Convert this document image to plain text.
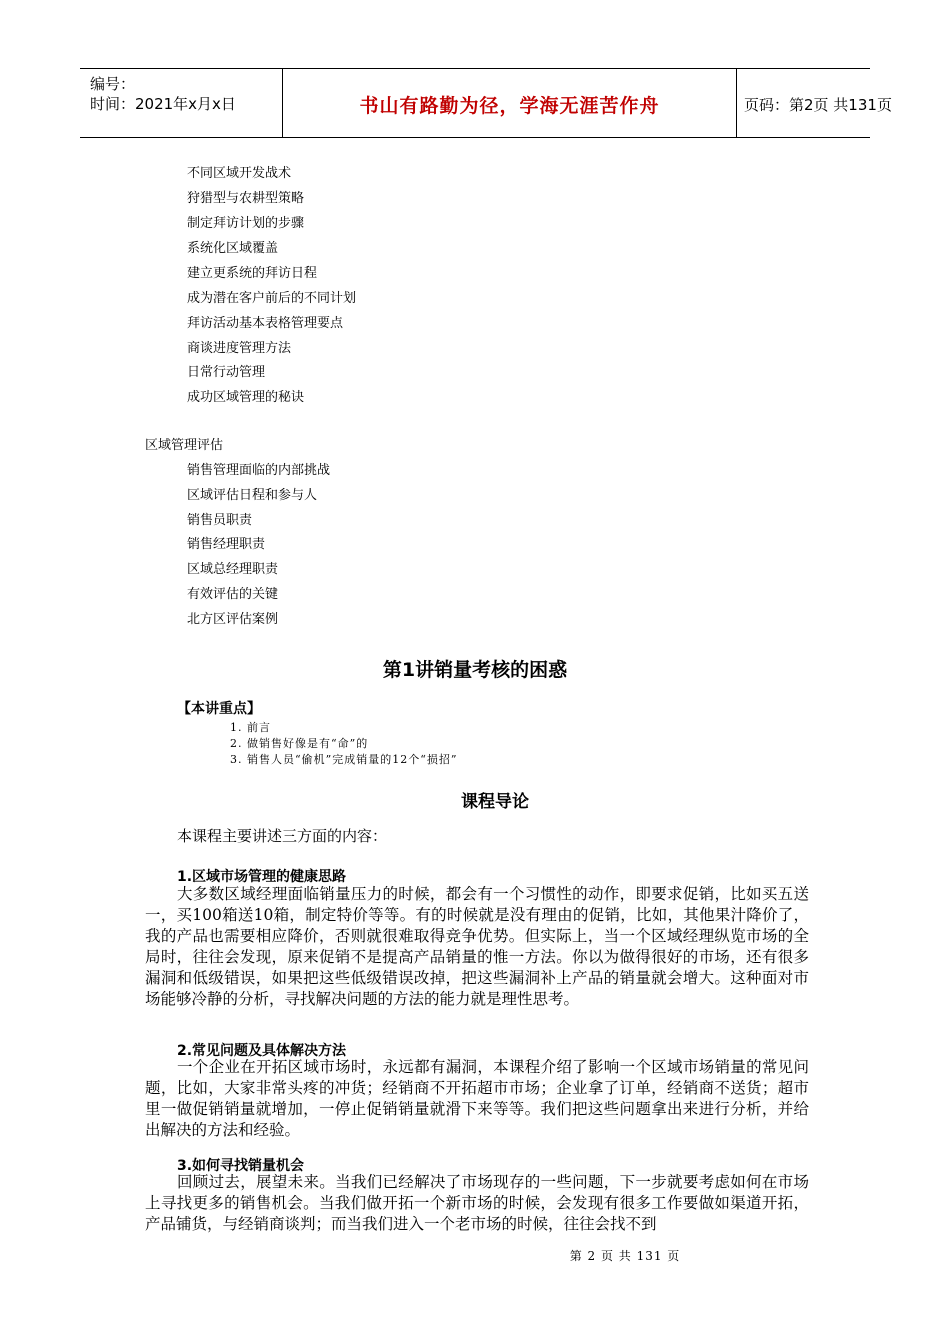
编号：
时间：2021年x月x日	书山有路勤为径，学海无涯苦作舟	页码：第2页 共131页
不同区域开发战术
狩猎型与农耕型策略
制定拜访计划的步骤
系统化区域覆盖
建立更系统的拜访日程
成为潜在客户前后的不同计划
拜访活动基本表格管理要点
商谈进度管理方法
日常行动管理
成功区域管理的秘诀
区域管理评估
销售管理面临的内部挑战
区域评估日程和参与人
销售员职责
销售经理职责
区域总经理职责
有效评估的关键
北方区评估案例
第1讲销量考核的困惑
【本讲重点】
1. 前言
2. 做销售好像是有“命”的
3. 销售人员“偷机”完成销量的12个“损招”
课程导论
本课程主要讲述三方面的内容：
1.区域市场管理的健康思路

大多数区域经理面临销量压力的时候，都会有一个习惯性的动作，即要求促销，比如买五送一，买100箱送10箱，制定特价等等。有的时候就是没有理由的促销，比如，其他果汁降价了，我的产品也需要相应降价，否则就很难取得竞争优势。但实际上，当一个区域经理纵览市场的全局时，往往会发现，原来促销不是提高产品销量的惟一方法。你以为做得很好的市场，还有很多漏洞和低级错误，如果把这些低级错误改掉，把这些漏洞补上产品的销量就会增大。这种面对市场能够冷静的分析，寻找解决问题的方法的能力就是理性思考。

2.常见问题及具体解决方法

一个企业在开拓区域市场时，永远都有漏洞，本课程介绍了影响一个区域市场销量的常见问题，比如，大家非常头疼的冲货；经销商不开拓超市市场；企业拿了订单，经销商不送货；超市里一做促销销量就增加，一停止促销销量就滑下来等等。我们把这些问题拿出来进行分析，并给出解决的方法和经验。

3.如何寻找销量机会

回顾过去，展望未来。当我们已经解决了市场现存的一些问题，下一步就要考虑如何在市场上寻找更多的销售机会。当我们做开拓一个新市场的时候，会发现有很多工作要做如渠道开拓，产品铺货，与经销商谈判；而当我们进入一个老市场的时候，往往会找不到

第 2 页 共 131 页
